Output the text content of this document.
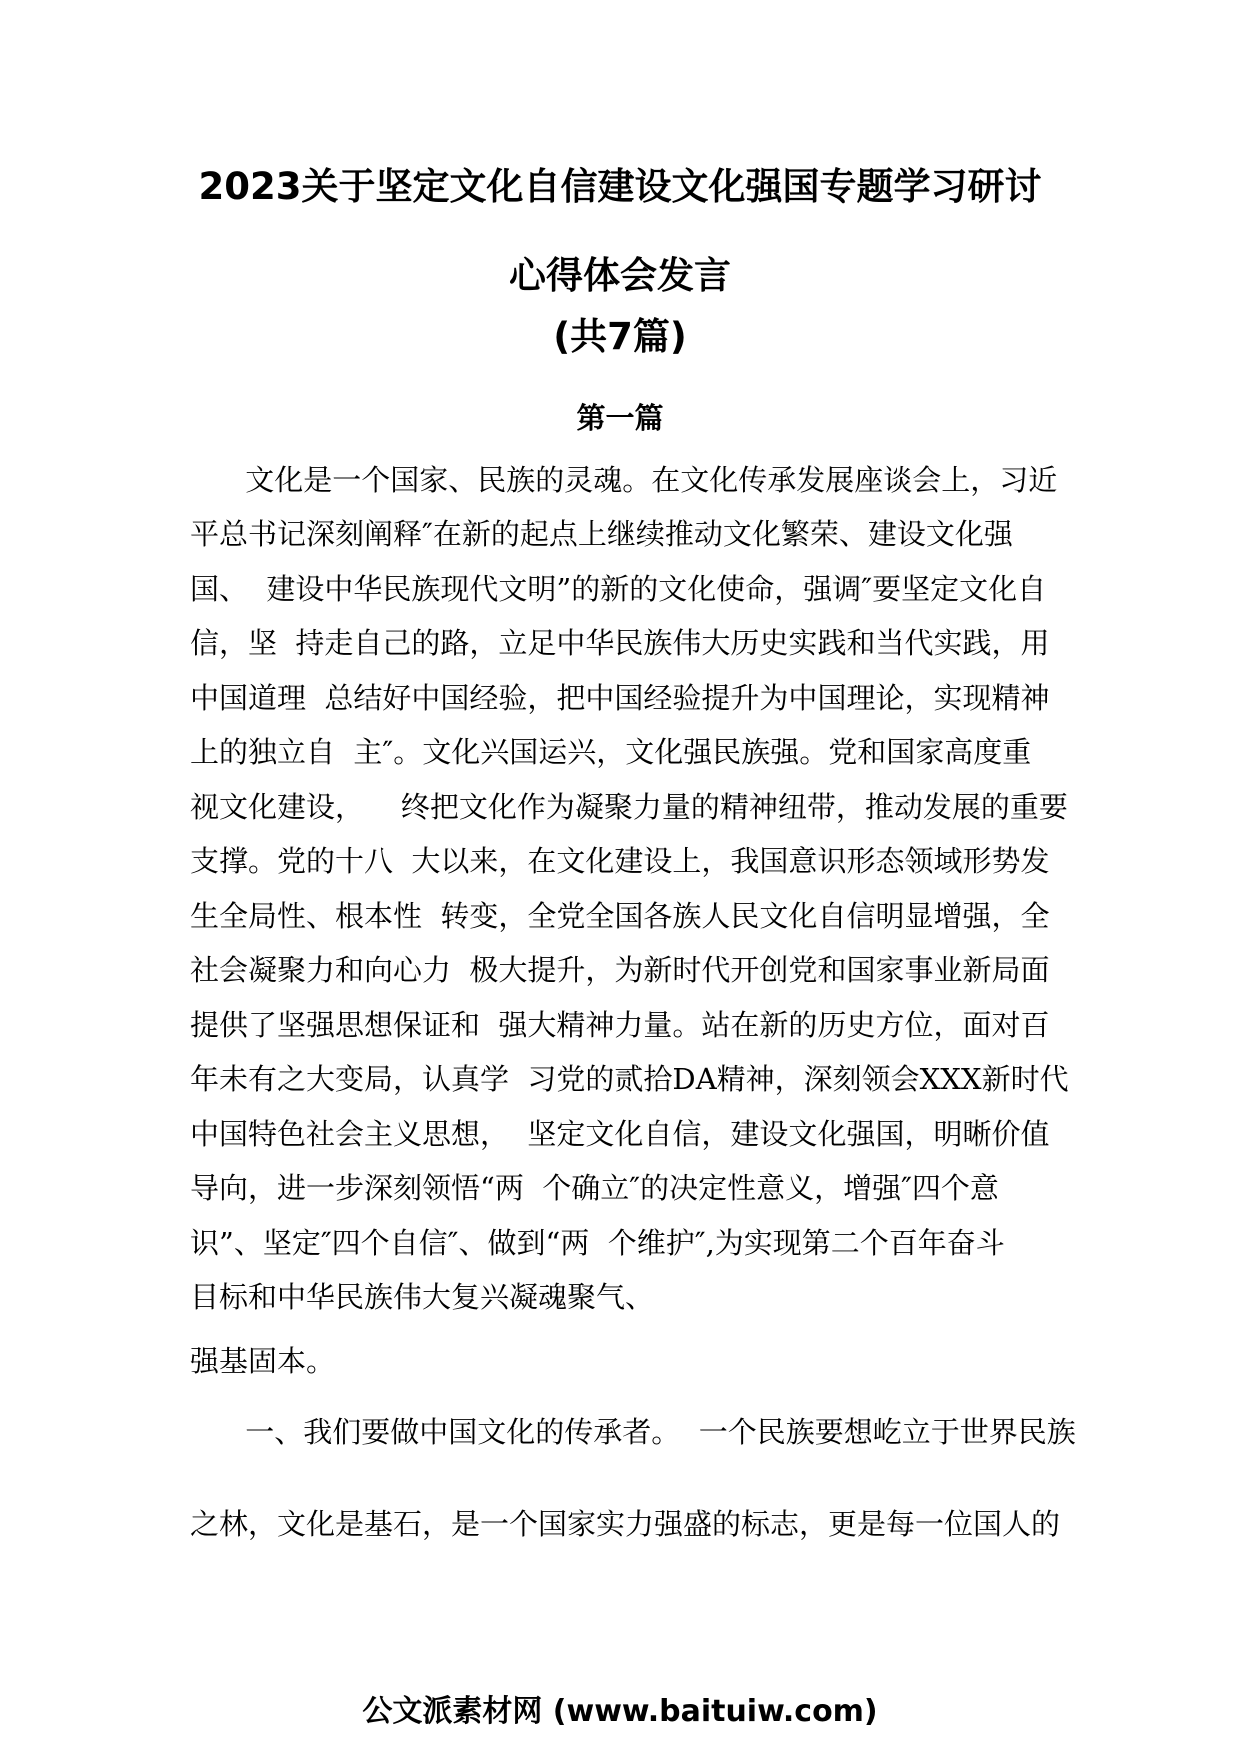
2023关于坚定文化自信建设文化强国专题学习研讨
心得体会发言
(共7篇)
第一篇
文化是一个国家、民族的灵魂。在文化传承发展座谈会上，习近
平总书记深刻阐释″在新的起点上继续推动文化繁荣、建设文化强
国、  建设中华民族现代文明”的新的文化使命，强调″要坚定文化自
信，坚  持走自己的路，立足中华民族伟大历史实践和当代实践，用
中国道理  总结好中国经验，把中国经验提升为中国理论，实现精神
上的独立自  主″。文化兴国运兴，文化强民族强。党和国家高度重
视文化建设，    终把文化作为凝聚力量的精神纽带，推动发展的重要
支撑。党的十八  大以来，在文化建设上，我国意识形态领域形势发
生全局性、根本性  转变，全党全国各族人民文化自信明显增强，全
社会凝聚力和向心力  极大提升，为新时代开创党和国家事业新局面
提供了坚强思想保证和  强大精神力量。站在新的历史方位，面对百
年未有之大变局，认真学  习党的贰拾DA精神，深刻领会XXX新时代
中国特色社会主义思想，  坚定文化自信，建设文化强国，明晰价值
导向，进一步深刻领悟“两  个确立″的决定性意义，增强″四个意
识”、坚定″四个自信″、做到“两  个维护″,为实现第二个百年奋斗
目标和中华民族伟大复兴凝魂聚气、
强基固本。
一、我们要做中国文化的传承者。  一个民族要想屹立于世界民族
之林，文化是基石，是一个国家实力强盛的标志，更是每一位国人的
公文派素材网 (www.baituiw.com)
